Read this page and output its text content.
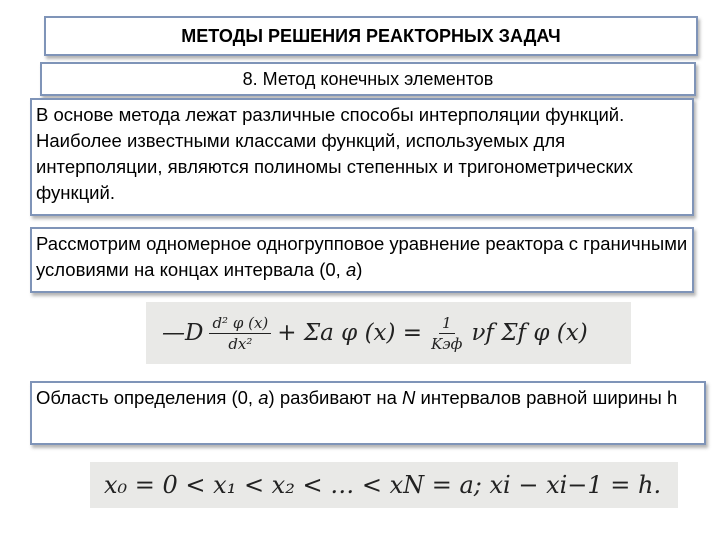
МЕТОДЫ РЕШЕНИЯ РЕАКТОРНЫХ ЗАДАЧ
8. Метод конечных элементов
В основе метода лежат различные способы интерполяции функций. Наиболее известными классами функций, используемых для интерполяции, являются полиномы степенных и тригонометрических функций.
Рассмотрим одномерное одногрупповое уравнение реактора с граничными условиями на концах интервала (0, a)
—D $\frac{\text{d² φ (x)}}{\text{dx²}} + \Sigma a$ φ $(x) = \frac{1}{\text{Kэф}}$ νf Σf φ (x)
Область определения (0, a) разбивают на N интервалов равной ширины h
x₀ = 0 < x₁ < x₂ < … < xN = a; xi − xi−1 = h.
